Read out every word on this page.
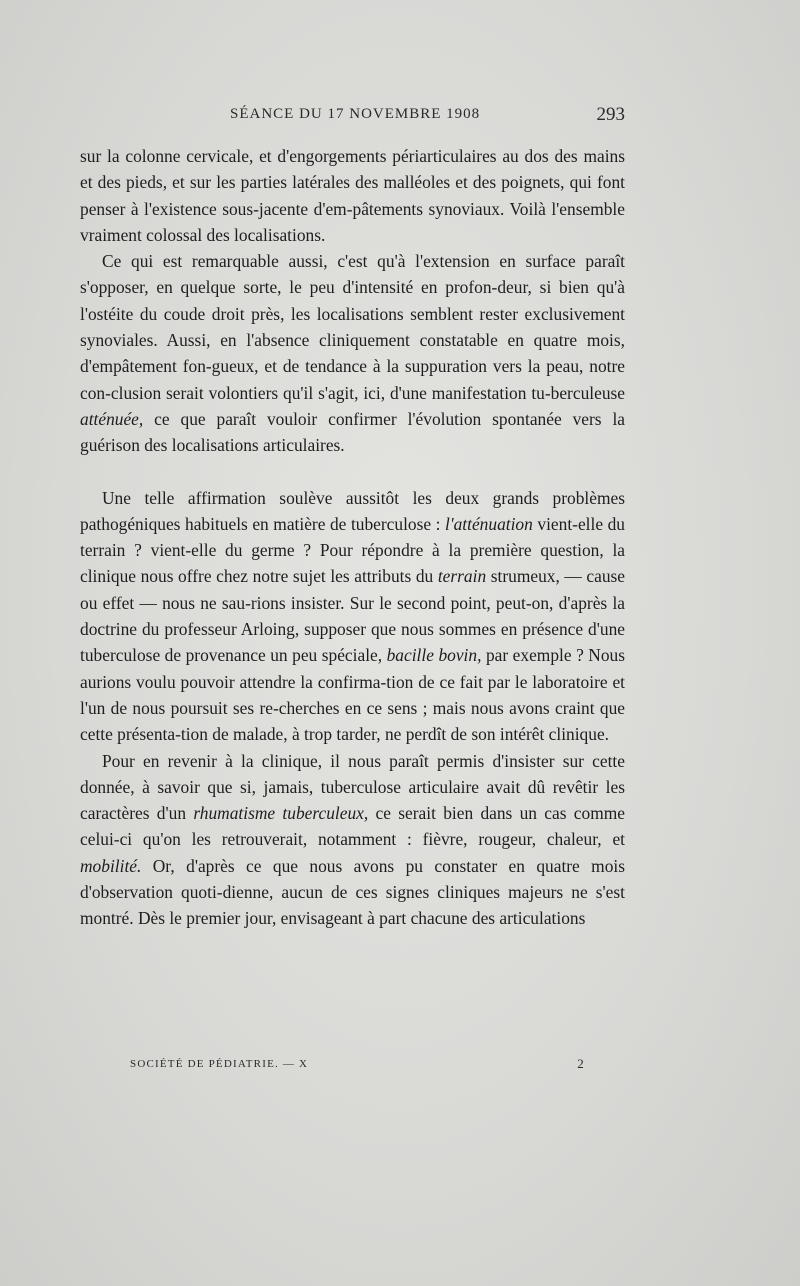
SÉANCE DU 17 NOVEMBRE 1908	293

sur la colonne cervicale, et d'engorgements périarticulaires au dos des mains et des pieds, et sur les parties latérales des malléoles et des poignets, qui font penser à l'existence sous-jacente d'em-pâtements synoviaux. Voilà l'ensemble vraiment colossal des localisations.

Ce qui est remarquable aussi, c'est qu'à l'extension en surface paraît s'opposer, en quelque sorte, le peu d'intensité en profon-deur, si bien qu'à l'ostéite du coude droit près, les localisations semblent rester exclusivement synoviales. Aussi, en l'absence cliniquement constatable en quatre mois, d'empâtement fon-gueux, et de tendance à la suppuration vers la peau, notre con-clusion serait volontiers qu'il s'agit, ici, d'une manifestation tu-berculeuse atténuée, ce que paraît vouloir confirmer l'évolution spontanée vers la guérison des localisations articulaires.

Une telle affirmation soulève aussitôt les deux grands problèmes pathogéniques habituels en matière de tuberculose : l'atténuation vient-elle du terrain ? vient-elle du germe ? Pour répondre à la première question, la clinique nous offre chez notre sujet les attributs du terrain strumeux, — cause ou effet — nous ne sau-rions insister. Sur le second point, peut-on, d'après la doctrine du professeur Arloing, supposer que nous sommes en présence d'une tuberculose de provenance un peu spéciale, bacille bovin, par exemple ? Nous aurions voulu pouvoir attendre la confirma-tion de ce fait par le laboratoire et l'un de nous poursuit ses re-cherches en ce sens ; mais nous avons craint que cette présenta-tion de malade, à trop tarder, ne perdît de son intérêt clinique.

Pour en revenir à la clinique, il nous paraît permis d'insister sur cette donnée, à savoir que si, jamais, tuberculose articulaire avait dû revêtir les caractères d'un rhumatisme tuberculeux, ce serait bien dans un cas comme celui-ci qu'on les retrouverait, notamment : fièvre, rougeur, chaleur, et mobilité. Or, d'après ce que nous avons pu constater en quatre mois d'observation quoti-dienne, aucun de ces signes cliniques majeurs ne s'est montré. Dès le premier jour, envisageant à part chacune des articulations

SOCIÉTÉ DE PÉDIATRIE. — X	2
